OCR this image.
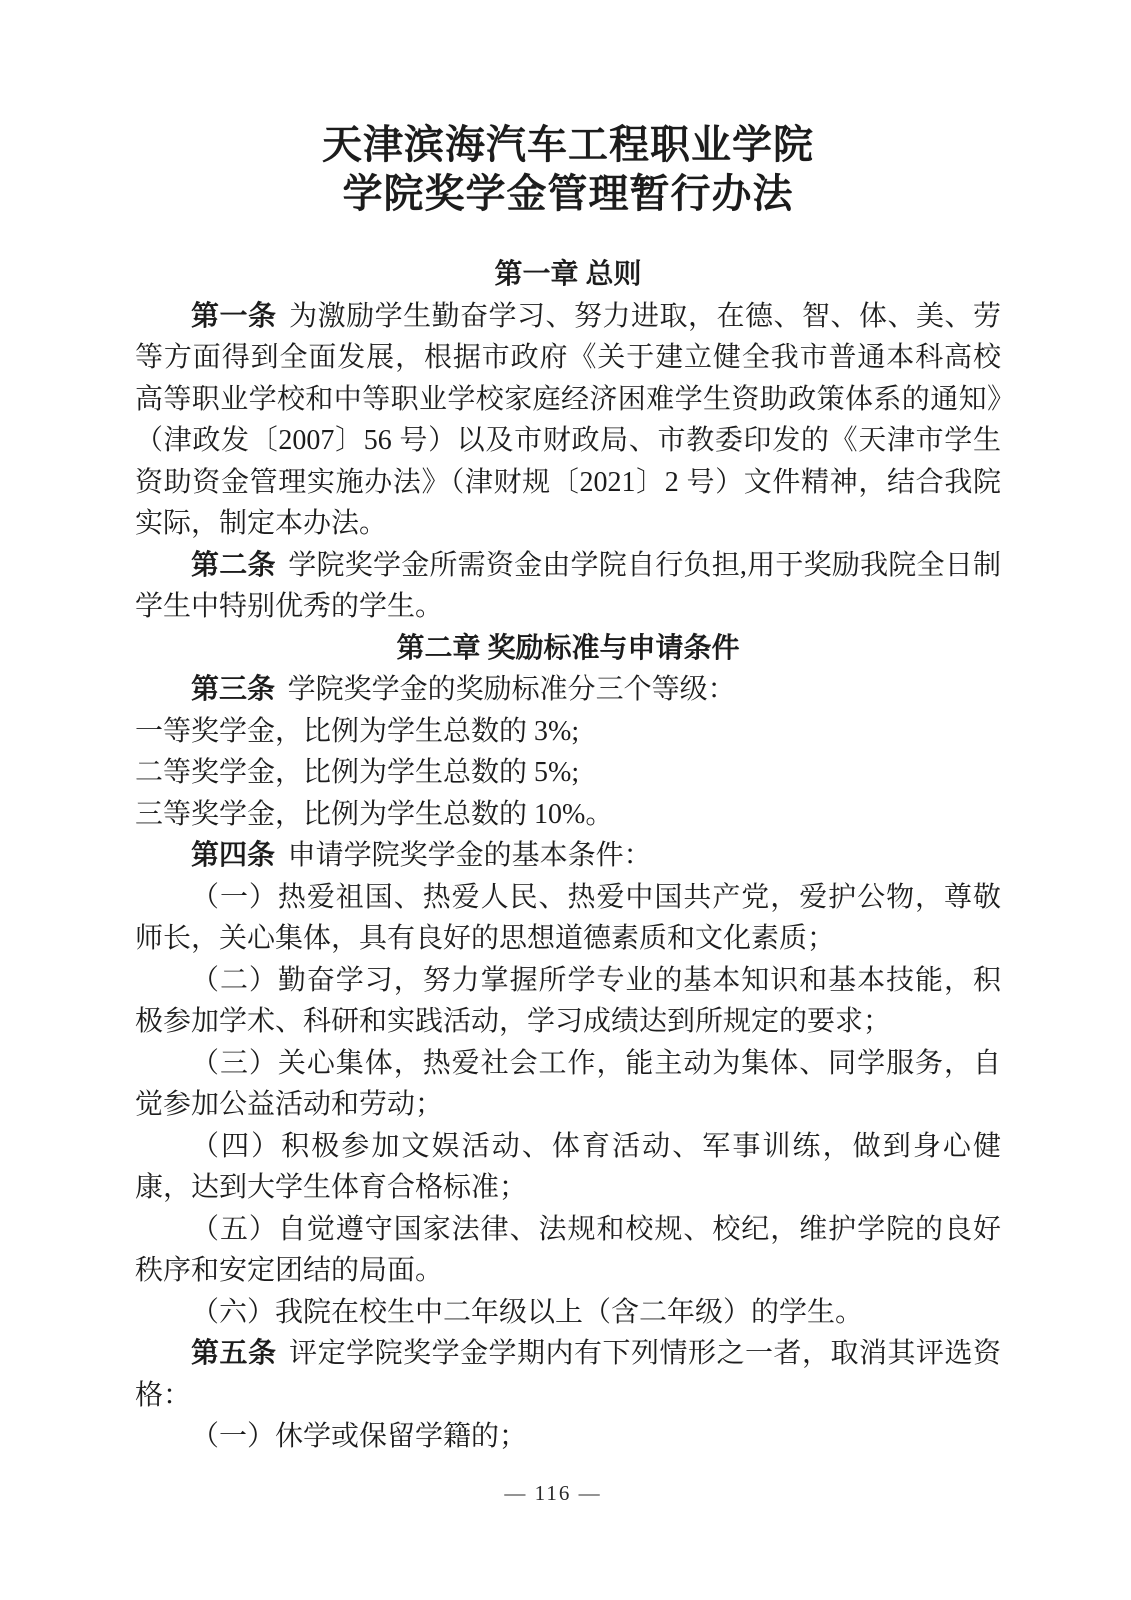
天津滨海汽车工程职业学院
学院奖学金管理暂行办法

第一章 总则

第一条 为激励学生勤奋学习、努力进取，在德、智、体、美、劳等方面得到全面发展，根据市政府《关于建立健全我市普通本科高校高等职业学校和中等职业学校家庭经济困难学生资助政策体系的通知》（津政发〔2007〕56 号）以及市财政局、市教委印发的《天津市学生资助资金管理实施办法》（津财规〔2021〕2 号）文件精神，结合我院实际，制定本办法。

第二条 学院奖学金所需资金由学院自行负担,用于奖励我院全日制学生中特别优秀的学生。

第二章 奖励标准与申请条件

第三条 学院奖学金的奖励标准分三个等级：

一等奖学金，比例为学生总数的 3%;

二等奖学金，比例为学生总数的 5%;

三等奖学金，比例为学生总数的 10%。

第四条 申请学院奖学金的基本条件：

（一）热爱祖国、热爱人民、热爱中国共产党，爱护公物，尊敬师长，关心集体，具有良好的思想道德素质和文化素质；

（二）勤奋学习，努力掌握所学专业的基本知识和基本技能，积极参加学术、科研和实践活动，学习成绩达到所规定的要求；

（三）关心集体，热爱社会工作，能主动为集体、同学服务，自觉参加公益活动和劳动；

（四）积极参加文娱活动、体育活动、军事训练，做到身心健康，达到大学生体育合格标准；

（五）自觉遵守国家法律、法规和校规、校纪，维护学院的良好秩序和安定团结的局面。

（六）我院在校生中二年级以上（含二年级）的学生。

第五条 评定学院奖学金学期内有下列情形之一者，取消其评选资格：

（一）休学或保留学籍的；

— 116 —
